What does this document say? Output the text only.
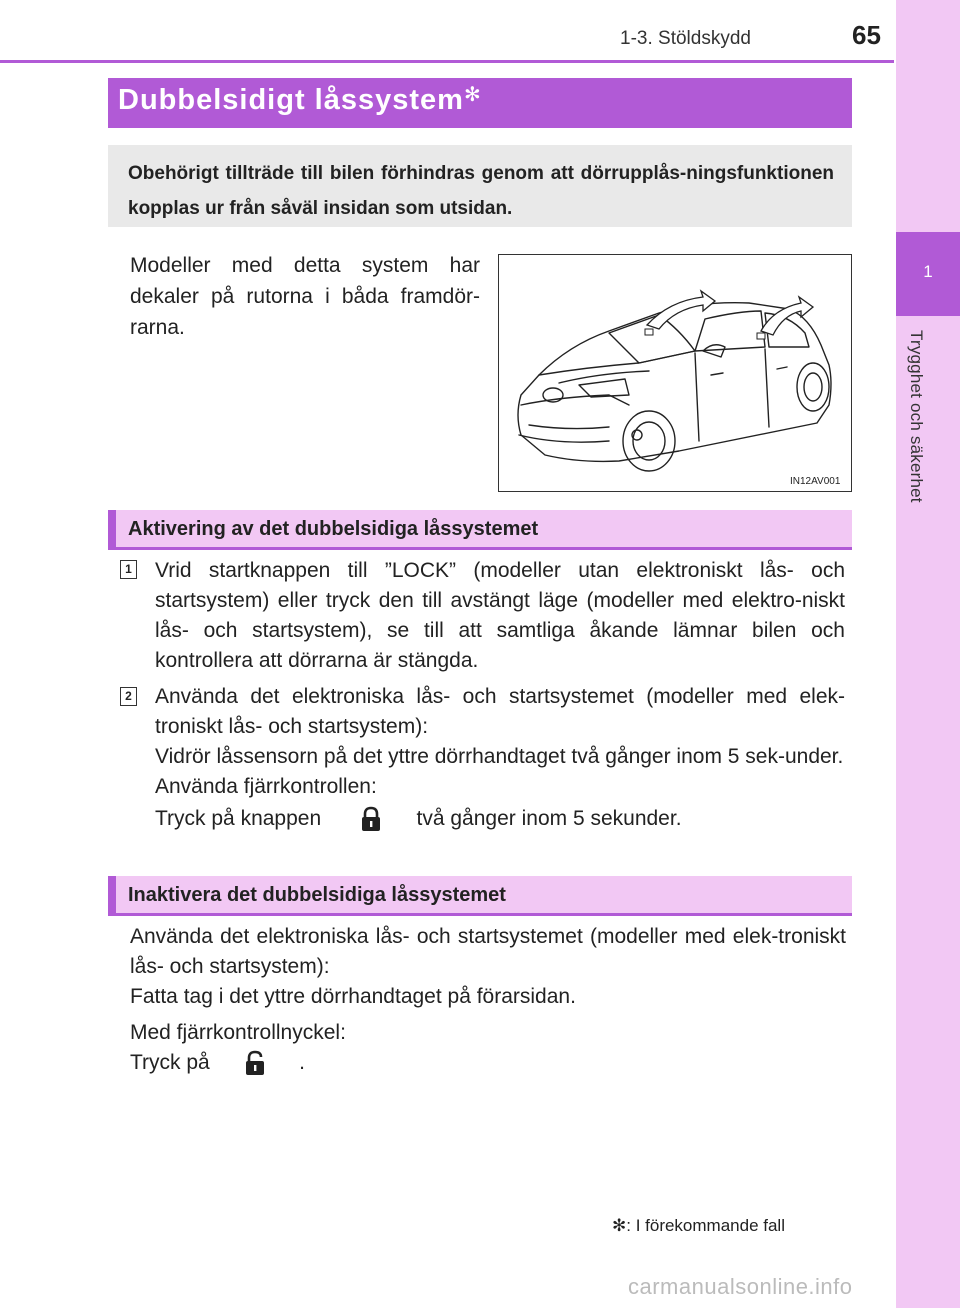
1-3. Stöldskydd	65
1
Trygghet och säkerhet
Dubbelsidigt låssystem✻
Obehörigt tillträde till bilen förhindras genom att dörrupplås-ningsfunktionen kopplas ur från såväl insidan som utsidan.
Modeller med detta system har dekaler på rutorna i båda framdör-rarna.
IN12AV001
Aktivering av det dubbelsidiga låssystemet
1 Vrid startknappen till ”LOCK” (modeller utan elektroniskt lås- och startsystem) eller tryck den till avstängt läge (modeller med elektro-niskt lås- och startsystem), se till att samtliga åkande lämnar bilen och kontrollera att dörrarna är stängda.
2 Använda det elektroniska lås- och startsystemet (modeller med elek-troniskt lås- och startsystem):
Vidrör låssensorn på det yttre dörrhandtaget två gånger inom 5 sek-under.
Använda fjärrkontrollen:
Tryck på knappen	två gånger inom 5 sekunder.
Inaktivera det dubbelsidiga låssystemet
Använda det elektroniska lås- och startsystemet (modeller med elek-troniskt lås- och startsystem):
Fatta tag i det yttre dörrhandtaget på förarsidan.
Med fjärrkontrollnyckel:
Tryck på	.
✻: I förekommande fall
carmanualsonline.info
